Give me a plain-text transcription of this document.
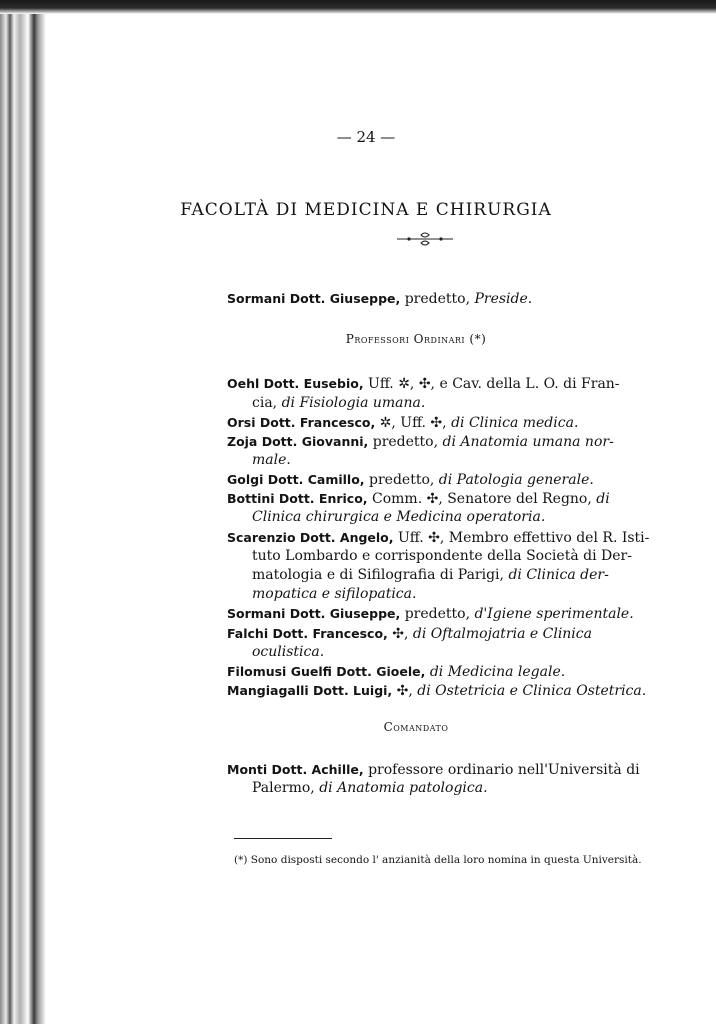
— 24 —
FACOLTÀ DI MEDICINA E CHIRURGIA
Sormani Dott. Giuseppe, predetto, Preside.
Professori Ordinari (*)
Oehl Dott. Eusebio, Uff. ✲, ✣, e Cav. della L. O. di Fran-
cia, di Fisiologia umana.
Orsi Dott. Francesco, ✲, Uff. ✣, di Clinica medica.
Zoja Dott. Giovanni, predetto, di Anatomia umana nor-
male.
Golgi Dott. Camillo, predetto, di Patologia generale.
Bottini Dott. Enrico, Comm. ✣, Senatore del Regno, di
Clinica chirurgica e Medicina operatoria.
Scarenzio Dott. Angelo, Uff. ✣, Membro effettivo del R. Isti-
tuto Lombardo e corrispondente della Società di Der-
matologia e di Sifilografia di Parigi, di Clinica der-
mopatica e sifilopatica.
Sormani Dott. Giuseppe, predetto, d'Igiene sperimentale.
Falchi Dott. Francesco, ✣, di Oftalmojatria e Clinica
oculistica.
Filomusi Guelfi Dott. Gioele, di Medicina legale.
Mangiagalli Dott. Luigi, ✣, di Ostetricia e Clinica Ostetrica.
Comandato
Monti Dott. Achille, professore ordinario nell'Università di
Palermo, di Anatomia patologica.
(*) Sono disposti secondo l' anzianità della loro nomina in questa Università.
